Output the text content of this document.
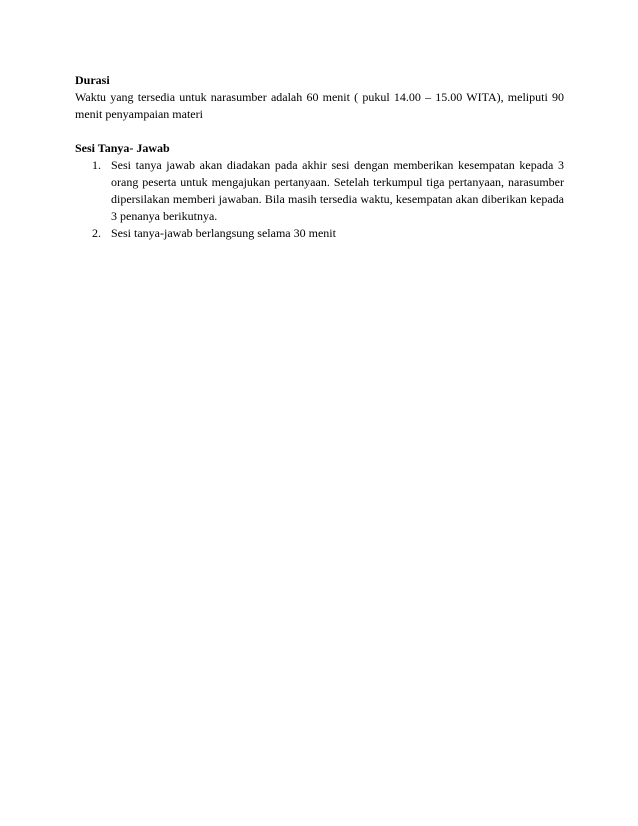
Durasi

Waktu yang tersedia untuk narasumber adalah 60 menit ( pukul 14.00 – 15.00 WITA), meliputi 90 menit penyampaian materi

Sesi Tanya- Jawab

1. Sesi tanya jawab akan diadakan pada akhir sesi dengan memberikan kesempatan kepada 3 orang peserta untuk mengajukan pertanyaan. Setelah terkumpul tiga pertanyaan, narasumber dipersilakan memberi jawaban. Bila masih tersedia waktu, kesempatan akan diberikan kepada 3 penanya berikutnya.
2. Sesi tanya-jawab berlangsung selama 30 menit
